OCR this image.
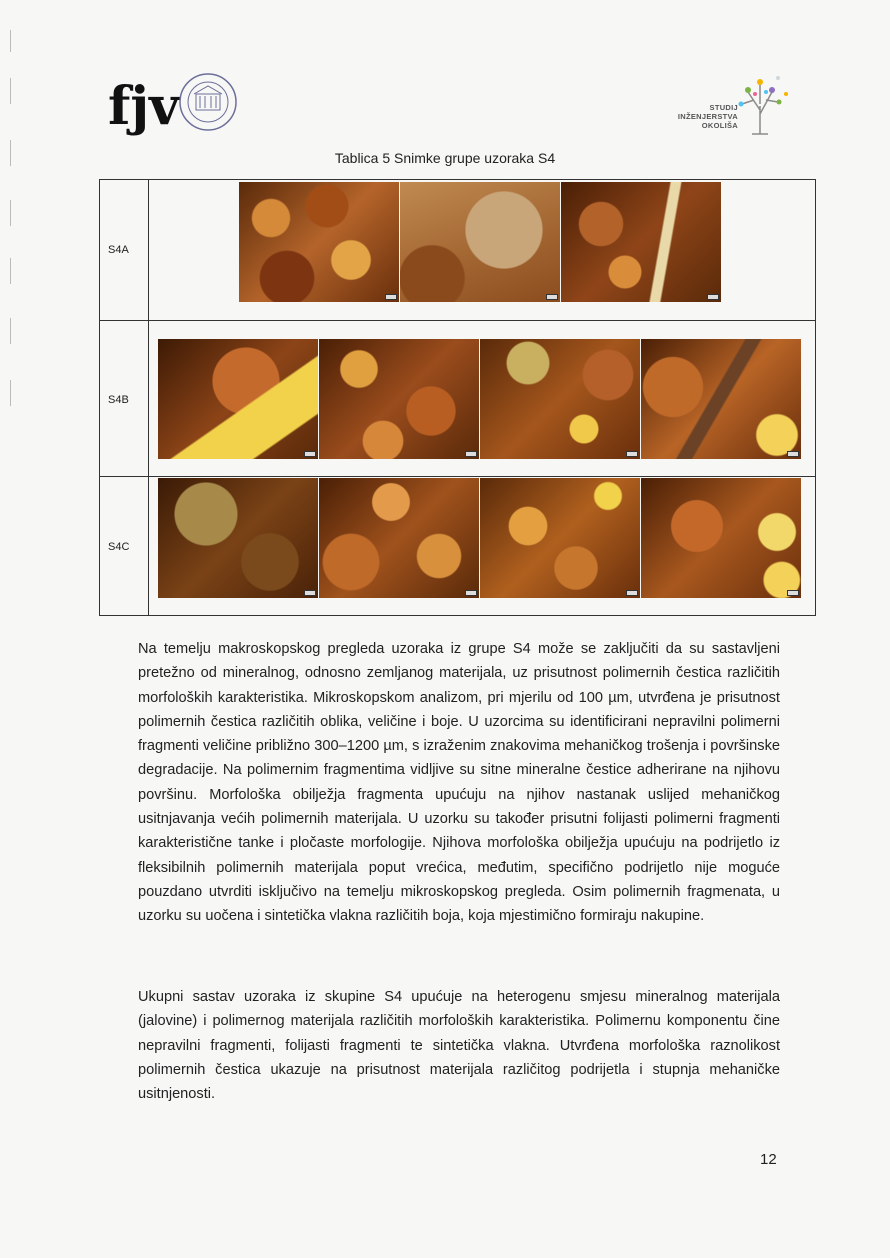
fjv	STUDIJ
INŽENJERSTVA
OKOLIŠA
Tablica 5 Snimke grupe uzoraka S4
S4A
S4B
S4C

Na temelju makroskopskog pregleda uzoraka iz grupe S4 može se zaključiti da su sastavljeni pretežno od mineralnog, odnosno zemljanog materijala, uz prisutnost polimernih čestica različitih morfoloških karakteristika. Mikroskopskom analizom, pri mjerilu od 100 µm, utvrđena je prisutnost polimernih čestica različitih oblika, veličine i boje. U uzorcima su identificirani nepravilni polimerni fragmenti veličine približno 300–1200 µm, s izraženim znakovima mehaničkog trošenja i površinske degradacije. Na polimernim fragmentima vidljive su sitne mineralne čestice adherirane na njihovu površinu. Morfološka obilježja fragmenta upućuju na njihov nastanak uslijed mehaničkog usitnjavanja većih polimernih materijala. U uzorku su također prisutni folijasti polimerni fragmenti karakteristične tanke i pločaste morfologije. Njihova morfološka obilježja upućuju na podrijetlo iz fleksibilnih polimernih materijala poput vrećica, međutim, specifično podrijetlo nije moguće pouzdano utvrditi isključivo na temelju mikroskopskog pregleda. Osim polimernih fragmenata, u uzorku su uočena i sintetička vlakna različitih boja, koja mjestimično formiraju nakupine.

Ukupni sastav uzoraka iz skupine S4 upućuje na heterogenu smjesu mineralnog materijala (jalovine) i polimernog materijala različitih morfoloških karakteristika. Polimernu komponentu čine nepravilni fragmenti, folijasti fragmenti te sintetička vlakna. Utvrđena morfološka raznolikost polimernih čestica ukazuje na prisutnost materijala različitog podrijetla i stupnja mehaničke usitnjenosti.

12
